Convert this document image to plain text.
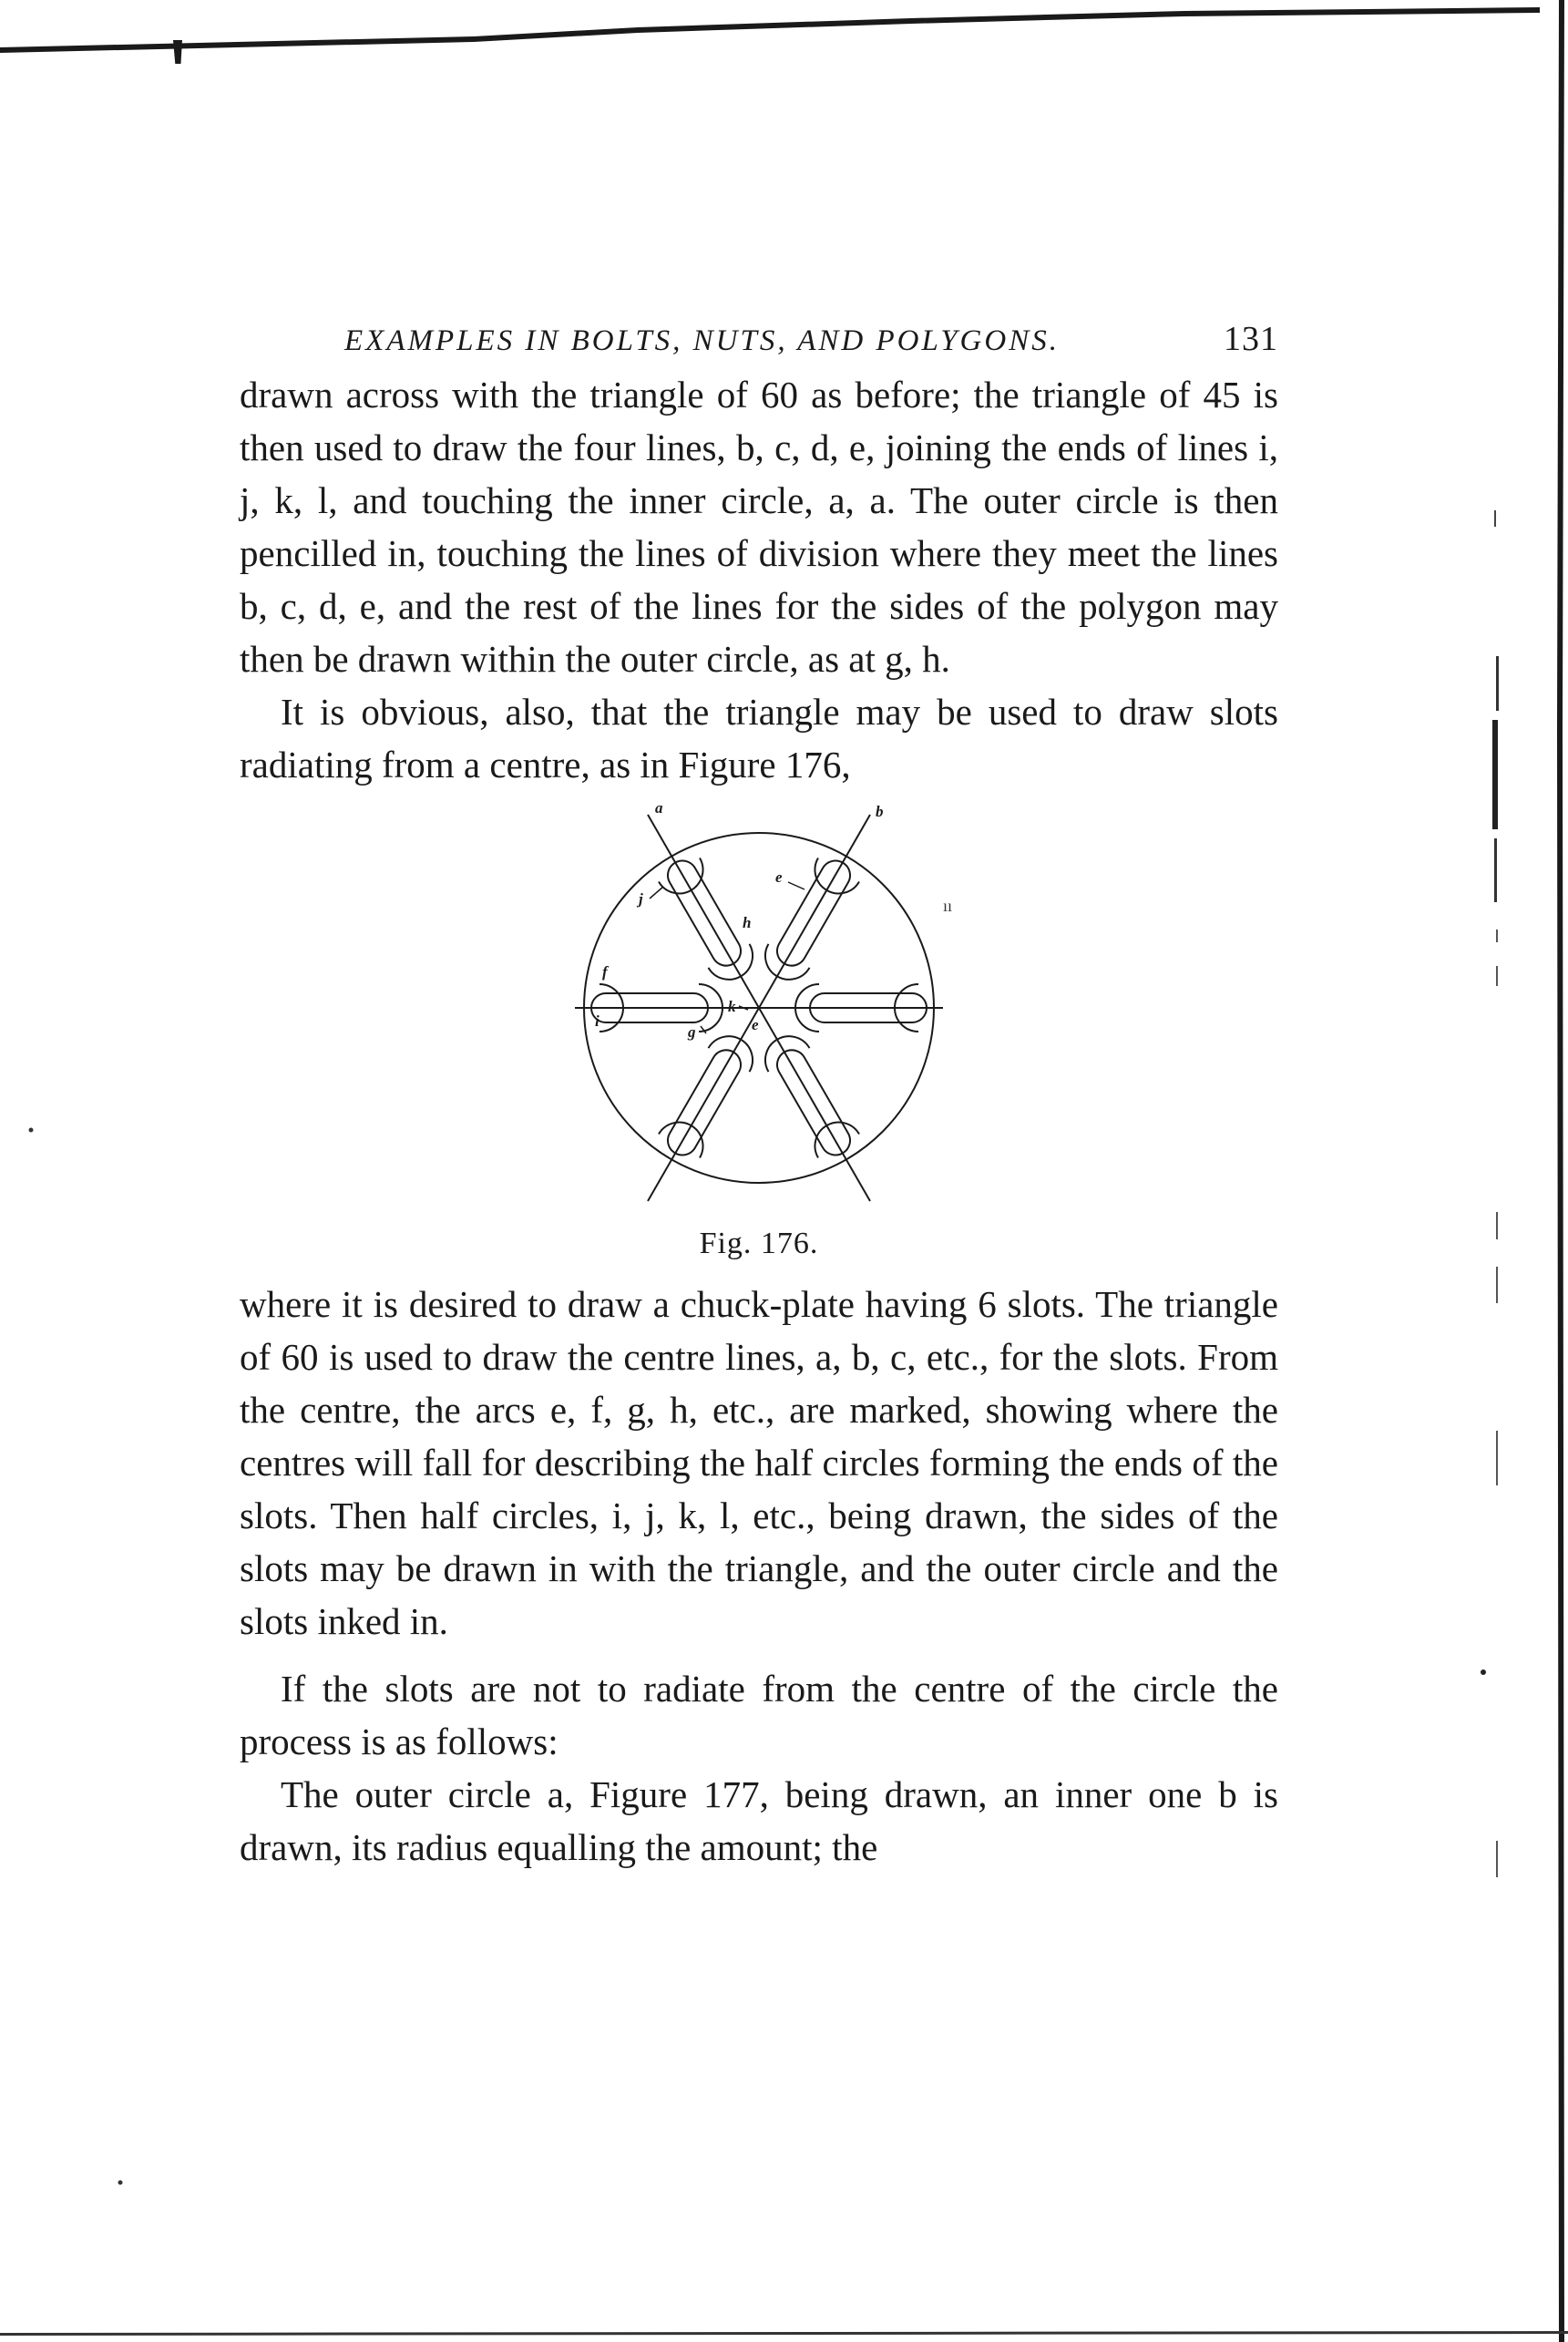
EXAMPLES IN BOLTS, NUTS, AND POLYGONS.	131

drawn across with the triangle of 60 as before; the triangle of 45 is then used to draw the four lines, b, c, d, e, joining the ends of lines i, j, k, l, and touching the inner circle, a, a. The outer circle is then pencilled in, touching the lines of division where they meet the lines b, c, d, e, and the rest of the lines for the sides of the polygon may then be drawn within the outer circle, as at g, h.

It is obvious, also, that the triangle may be used to draw slots radiating from a centre, as in Figure 176,

a	b
e
j
h
f
i
g
k
e
ıı

Fig. 176.

where it is desired to draw a chuck-plate having 6 slots. The triangle of 60 is used to draw the centre lines, a, b, c, etc., for the slots. From the centre, the arcs e, f, g, h, etc., are marked, showing where the centres will fall for describing the half circles forming the ends of the slots. Then half circles, i, j, k, l, etc., being drawn, the sides of the slots may be drawn in with the triangle, and the outer circle and the slots inked in.

If the slots are not to radiate from the centre of the circle the process is as follows:

The outer circle a, Figure 177, being drawn, an inner one b is drawn, its radius equalling the amount; the
